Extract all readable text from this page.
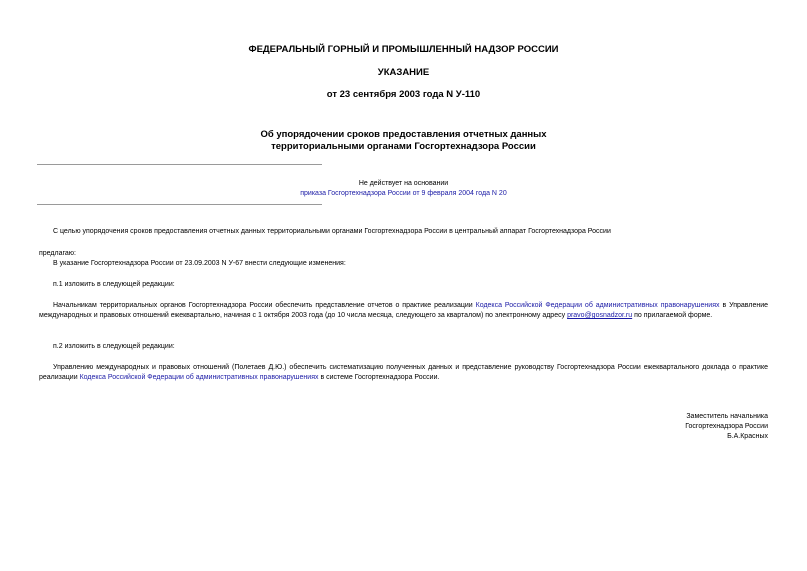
ФЕДЕРАЛЬНЫЙ ГОРНЫЙ И ПРОМЫШЛЕННЫЙ НАДЗОР РОССИИ
УКАЗАНИЕ
от 23 сентября 2003 года N У-110
Об упорядочении сроков предоставления отчетных данных
территориальными органами Госгортехнадзора России
Не действует на основании
приказа Госгортехнадзора России от 9 февраля 2004 года N 20
С целью упорядочения сроков предоставления отчетных данных территориальными органами Госгортехнадзора России в центральный аппарат Госгортехнадзора России
предлагаю:
В указание Госгортехнадзора России от 23.09.2003 N У-67 внести следующие изменения:
п.1 изложить в следующей редакции:
Начальникам территориальных органов Госгортехнадзора России обеспечить представление отчетов о практике реализации Кодекса Российской Федерации об административных правонарушениях в Управление международных и правовых отношений ежеквартально, начиная с 1 октября 2003 года (до 10 числа месяца, следующего за кварталом) по электронному адресу pravo@gosnadzor.ru по прилагаемой форме.
п.2 изложить в следующей редакции:
Управлению международных и правовых отношений (Полетаев Д.Ю.) обеспечить систематизацию полученных данных и представление руководству Госгортехнадзора России ежеквартального доклада о практике реализации Кодекса Российской Федерации об административных правонарушениях в системе Госгортехнадзора России.
Заместитель начальника
Госгортехнадзора России
Б.А.Красных
